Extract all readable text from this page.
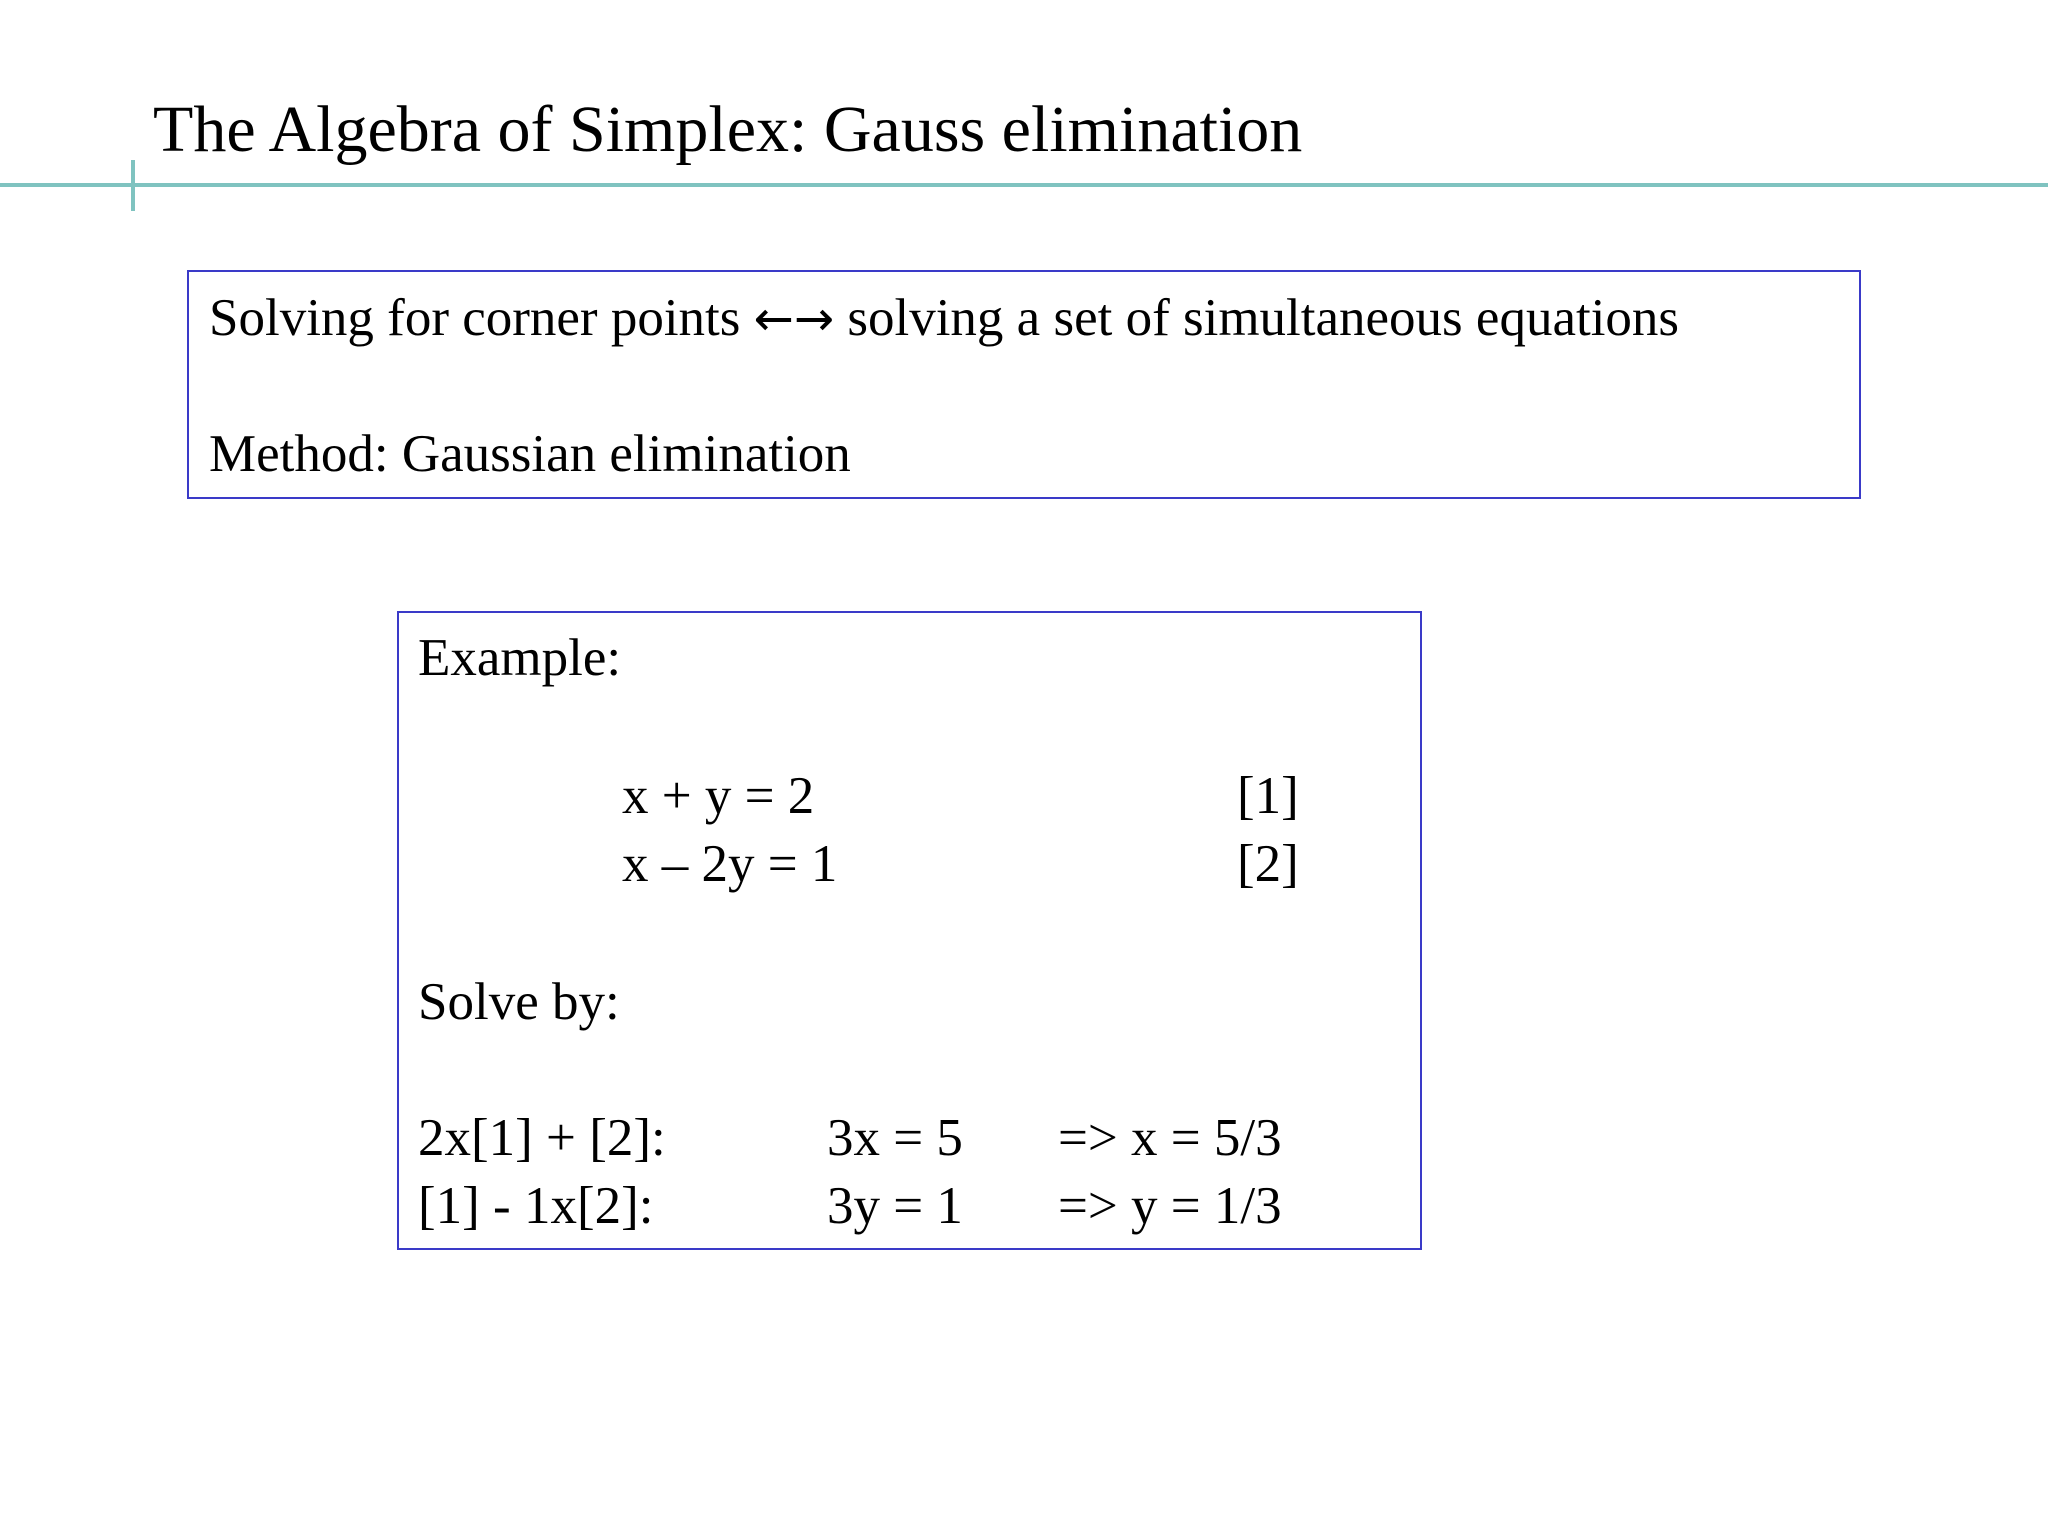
The Algebra of Simplex: Gauss elimination
Solving for corner points ←→ solving a set of simultaneous equations
Method: Gaussian elimination
Example:
x + y = 2	[1]
x – 2y = 1	[2]
Solve by:
2x[1] + [2]:	3x = 5 => x = 5/3
[1] - 1x[2]:	3y = 1 => y = 1/3
